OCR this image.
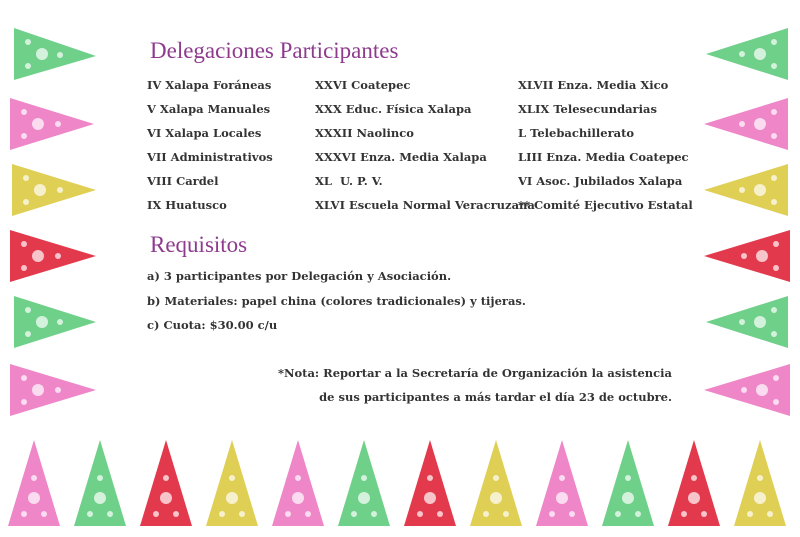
Delegaciones Participantes
IV Xalapa Foráneas
V Xalapa Manuales
VI Xalapa Locales
VII Administrativos
VIII Cardel
IX Huatusco
XXVI Coatepec
XXX Educ. Física Xalapa
XXXII Naolinco
XXXVI Enza. Media Xalapa
XL  U. P. V.
XLVI Escuela Normal Veracruzana
XLVII Enza. Media Xico
XLIX Telesecundarias
L Telebachillerato
LIII Enza. Media Coatepec
VI Asoc. Jubilados Xalapa
** Comité Ejecutivo Estatal
Requisitos
a) 3 participantes por Delegación y Asociación.
b) Materiales: papel china (colores tradicionales) y tijeras.
c) Cuota: $30.00 c/u
*Nota: Reportar a la Secretaría de Organización la asistencia
de sus participantes a más tardar el día 23 de octubre.
